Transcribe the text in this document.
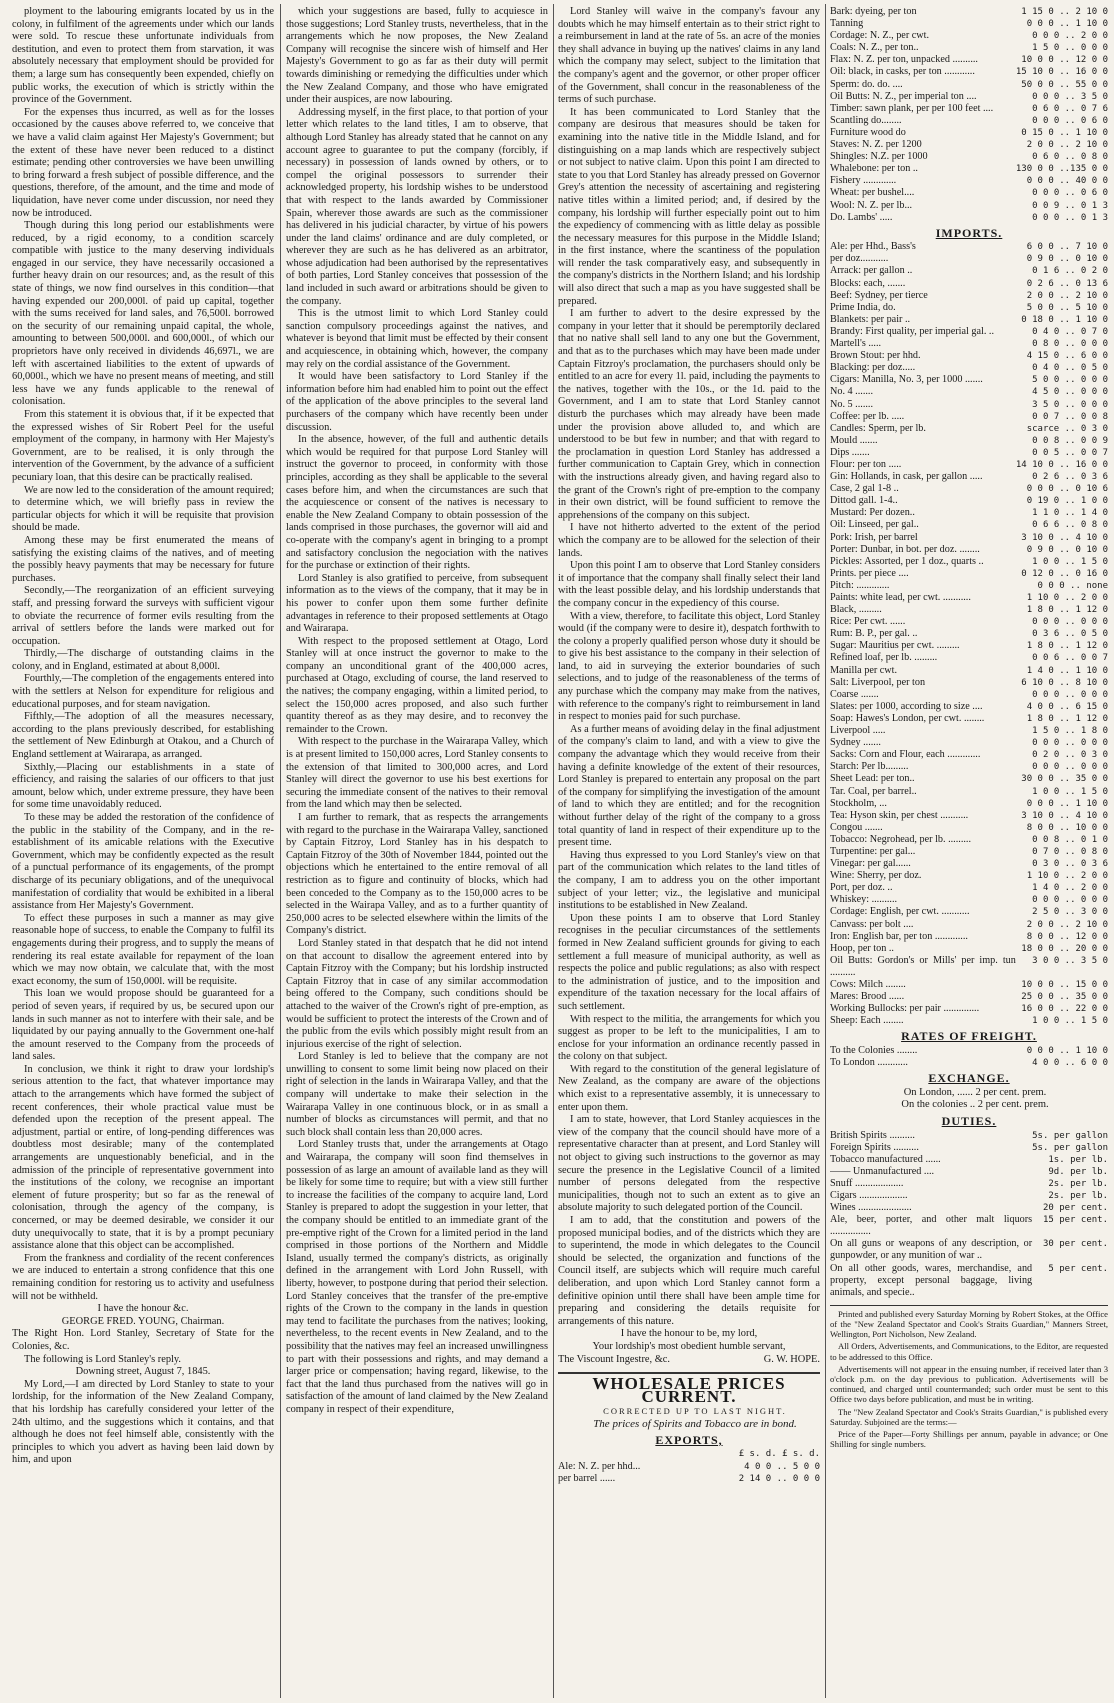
ployment to the labouring emigrants located by us in the colony, in fulfilment of the agreements under which our lands were sold. To rescue these unfortunate individuals from destitution, and even to protect them from starvation, it was absolutely necessary that employment should be provided for them; a large sum has consequently been expended, chiefly on public works, the execution of which is strictly within the province of the Government.

For the expenses thus incurred, as well as for the losses occasioned by the causes above referred to, we conceive that we have a valid claim against Her Majesty's Government; but the extent of these have never been reduced to a distinct estimate; pending other controversies we have been unwilling to bring forward a fresh subject of possible difference, and the questions, therefore, of the amount, and the time and mode of liquidation, have never come under discussion, nor need they now be introduced.

Though during this long period our establishments were reduced, by a rigid economy, to a condition scarcely compatible with justice to the many deserving individuals engaged in our service, they have necessarily occasioned a further heavy drain on our resources; and, as the result of this state of things, we now find ourselves in this condition—that having expended our 200,000l. of paid up capital, together with the sums received for land sales, and 76,500l. borrowed on the security of our remaining unpaid capital, the whole, amounting to between 500,000l. and 600,000l., of which our proprietors have only received in dividends 46,697l., we are left with ascertained liabilities to the extent of upwards of 60,000l., which we have no present means of meeting, and still less have we any funds applicable to the renewal of colonisation.

From this statement it is obvious that, if it be expected that the expressed wishes of Sir Robert Peel for the useful employment of the company, in harmony with Her Majesty's Government, are to be realised, it is only through the intervention of the Government, by the advance of a sufficient pecuniary loan, that this desire can be practically realised.

We are now led to the consideration of the amount required; to determine which, we will briefly pass in review the particular objects for which it will be requisite that provision should be made.

Among these may be first enumerated the means of satisfying the existing claims of the natives, and of meeting the possibly heavy payments that may be necessary for future purchases.

Secondly,—The reorganization of an efficient surveying staff, and pressing forward the surveys with sufficient vigour to obviate the recurrence of former evils resulting from the arrival of settlers before the lands were marked out for occupation.

Thirdly,—The discharge of outstanding claims in the colony, and in England, estimated at about 8,000l.

Fourthly,—The completion of the engagements entered into with the settlers at Nelson for expenditure for religious and educational purposes, and for steam navigation.

Fifthly,—The adoption of all the measures necessary, according to the plans previously described, for establishing the settlement of New Edinburgh at Otakou, and a Church of England settlement at Wairarapa, as arranged.

Sixthly,—Placing our establishments in a state of efficiency, and raising the salaries of our officers to that just amount, below which, under extreme pressure, they have been for some time unavoidably reduced.

To these may be added the restoration of the confidence of the public in the stability of the Company, and in the re-establishment of its amicable relations with the Executive Government, which may be confidently expected as the result of a punctual performance of its engagements, of the prompt discharge of its pecuniary obligations, and of the unequivocal manifestation of cordiality that would be exhibited in a liberal assistance from Her Majesty's Government.

To effect these purposes in such a manner as may give reasonable hope of success, to enable the Company to fulfil its engagements during their progress, and to supply the means of rendering its real estate available for repayment of the loan which we may now obtain, we calculate that, with the most exact economy, the sum of 150,000l. will be requisite.

This loan we would propose should be guaranteed for a period of seven years, if required by us, be secured upon our lands in such manner as not to interfere with their sale, and be liquidated by our paying annually to the Government one-half the amount reserved to the Company from the proceeds of land sales.

In conclusion, we think it right to draw your lordship's serious attention to the fact, that whatever importance may attach to the arrangements which have formed the subject of recent conferences, their whole practical value must be defended upon the reception of the present appeal. The adjustment, partial or entire, of long-pending differences was doubtless most desirable; many of the contemplated arrangements are unquestionably beneficial, and in the admission of the principle of representative government into the institutions of the colony, we recognise an important element of future prosperity; but so far as the renewal of colonisation, through the agency of the company, is concerned, or may be deemed desirable, we consider it our duty unequivocally to state, that it is by a prompt pecuniary assistance alone that this object can be accomplished.

From the frankness and cordiality of the recent conferences we are induced to entertain a strong confidence that this one remaining condition for restoring us to activity and usefulness will not be withheld.

I have the honour &c.

GEORGE FRED. YOUNG, Chairman.

The Right Hon. Lord Stanley, Secretary of State for the Colonies, &c.

The following is Lord Stanley's reply.

Downing street, August 7, 1845.

My Lord,—I am directed by Lord Stanley to state to your lordship, for the information of the New Zealand Company, that his lordship has carefully considered your letter of the 24th ultimo, and the suggestions which it contains, and that although he does not feel himself able, consistently with the principles to which you advert as having been laid down by him, and upon

which your suggestions are based, fully to acquiesce in those suggestions; Lord Stanley trusts, nevertheless, that in the arrangements which he now proposes, the New Zealand Company will recognise the sincere wish of himself and Her Majesty's Government to go as far as their duty will permit towards diminishing or remedying the difficulties under which the New Zealand Company, and those who have emigrated under their auspices, are now labouring.

Addressing myself, in the first place, to that portion of your letter which relates to the land titles, I am to observe, that although Lord Stanley has already stated that he cannot on any account agree to guarantee to put the company (forcibly, if necessary) in possession of lands owned by others, or to compel the original possessors to surrender their acknowledged property, his lordship wishes to be understood that with respect to the lands awarded by Commissioner Spain, wherever those awards are such as the commissioner has delivered in his judicial character, by virtue of his powers under the land claims' ordinance and are duly completed, or wherever they are such as he has delivered as an arbitrator, whose adjudication had been authorised by the representatives of both parties, Lord Stanley conceives that possession of the land included in such award or arbitrations should be given to the company.

This is the utmost limit to which Lord Stanley could sanction compulsory proceedings against the natives, and whatever is beyond that limit must be effected by their consent and acquiescence, in obtaining which, however, the company may rely on the cordial assistance of the Government.

It would have been satisfactory to Lord Stanley if the information before him had enabled him to point out the effect of the application of the above principles to the several land purchasers of the company which have recently been under discussion.

In the absence, however, of the full and authentic details which would be required for that purpose Lord Stanley will instruct the governor to proceed, in conformity with those principles, according as they shall be applicable to the several cases before him, and when the circumstances are such that the acquiescence or consent of the natives is necessary to enable the New Zealand Company to obtain possession of the lands comprised in those purchases, the governor will aid and co-operate with the company's agent in bringing to a prompt and satisfactory conclusion the negociation with the natives for the purchase or extinction of their rights.

Lord Stanley is also gratified to perceive, from subsequent information as to the views of the company, that it may be in his power to confer upon them some further definite advantages in reference to their proposed settlements at Otago and Wairarapa.

With respect to the proposed settlement at Otago, Lord Stanley will at once instruct the governor to make to the company an unconditional grant of the 400,000 acres, purchased at Otago, excluding of course, the land reserved to the natives; the company engaging, within a limited period, to select the 150,000 acres proposed, and also such further quantity thereof as as they may desire, and to reconvey the remainder to the Crown.

With respect to the purchase in the Wairarapa Valley, which is at present limited to 150,000 acres, Lord Stanley consents to the extension of that limited to 300,000 acres, and Lord Stanley will direct the governor to use his best exertions for securing the immediate consent of the natives to their removal from the land which may then be selected.

I am further to remark, that as respects the arrangements with regard to the purchase in the Wairarapa Valley, sanctioned by Captain Fitzroy, Lord Stanley has in his despatch to Captain Fitzroy of the 30th of November 1844, pointed out the objections which he entertained to the entire removal of all restriction as to figure and continuity of blocks, which had been conceded to the Company as to the 150,000 acres to be selected in the Wairapa Valley, and as to a further quantity of 250,000 acres to be selected elsewhere within the limits of the Company's district.

Lord Stanley stated in that despatch that he did not intend on that account to disallow the agreement entered into by Captain Fitzroy with the Company; but his lordship instructed Captain Fitzroy that in case of any similar accommodation being offered to the Company, such conditions should be attached to the waiver of the Crown's right of pre-emption, as would be sufficient to protect the interests of the Crown and of the public from the evils which possibly might result from an injurious exercise of the right of selection.

Lord Stanley is led to believe that the company are not unwilling to consent to some limit being now placed on their right of selection in the lands in Wairarapa Valley, and that the company will undertake to make their selection in the Wairarapa Valley in one continuous block, or in as small a number of blocks as circumstances will permit, and that no such block shall contain less than 20,000 acres.

Lord Stanley trusts that, under the arrangements at Otago and Wairarapa, the company will soon find themselves in possession of as large an amount of available land as they will be likely for some time to require; but with a view still further to increase the facilities of the company to acquire land, Lord Stanley is prepared to adopt the suggestion in your letter, that the company should be entitled to an immediate grant of the pre-emptive right of the Crown for a limited period in the land comprised in those portions of the Northern and Middle Island, usually termed the company's districts, as originally defined in the arrangement with Lord John Russell, with liberty, however, to postpone during that period their selection. Lord Stanley conceives that the transfer of the pre-emptive rights of the Crown to the company in the lands in question may tend to facilitate the purchases from the natives; looking, nevertheless, to the recent events in New Zealand, and to the possibility that the natives may feel an increased unwillingness to part with their possessions and rights, and may demand a larger price or compensation; having regard, likewise, to the fact that the land thus purchased from the natives will go in satisfaction of the amount of land claimed by the New Zealand company in respect of their expenditure,

Lord Stanley will waive in the company's favour any doubts which he may himself entertain as to their strict right to a reimbursement in land at the rate of 5s. an acre of the monies they shall advance in buying up the natives' claims in any land which the company may select, subject to the limitation that the company's agent and the governor, or other proper officer of the Government, shall concur in the reasonableness of the terms of such purchase.

It has been communicated to Lord Stanley that the company are desirous that measures should be taken for examining into the native title in the Middle Island, and for distinguishing on a map lands which are respectively subject or not subject to native claim. Upon this point I am directed to state to you that Lord Stanley has already pressed on Governor Grey's attention the necessity of ascertaining and registering native titles within a limited period; and, if desired by the company, his lordship will further especially point out to him the expediency of commencing with as little delay as possible the necessary measures for this purpose in the Middle Island; in the first instance, where the scantiness of the population will render the task comparatively easy, and subsequently in the company's districts in the Northern Island; and his lordship will also direct that such a map as you have suggested shall be prepared.

I am further to advert to the desire expressed by the company in your letter that it should be peremptorily declared that no native shall sell land to any one but the Government, and that as to the purchases which may have been made under Captain Fitzroy's proclamation, the purchasers should only be entitled to an acre for every 1l. paid, including the payments to the natives, together with the 10s., or the 1d. paid to the Government, and I am to state that Lord Stanley cannot disturb the purchases which may already have been made under the provision above alluded to, and which are understood to be but few in number; and that with regard to the proclamation in question Lord Stanley has addressed a further communication to Captain Grey, which in connection with the instructions already given, and having regard also to the grant of the Crown's right of pre-emption to the company in their own district, will be found sufficient to remove the apprehensions of the company on this subject.

I have not hitherto adverted to the extent of the period which the company are to be allowed for the selection of their lands.

Upon this point I am to observe that Lord Stanley considers it of importance that the company shall finally select their land with the least possible delay, and his lordship understands that the company concur in the expediency of this course.

With a view, therefore, to facilitate this object, Lord Stanley would (if the company were to desire it), despatch forthwith to the colony a properly qualified person whose duty it should be to give his best assistance to the company in their selection of land, to aid in surveying the exterior boundaries of such selections, and to judge of the reasonableness of the terms of any purchase which the company may make from the natives, with reference to the company's right to reimbursement in land in respect to monies paid for such purchase.

As a further means of avoiding delay in the final adjustment of the company's claim to land, and with a view to give the company the advantage which they would receive from their having a definite knowledge of the extent of their resources, Lord Stanley is prepared to entertain any proposal on the part of the company for simplifying the investigation of the amount of land to which they are entitled; and for the recognition without further delay of the right of the company to a gross total quantity of land in respect of their expenditure up to the present time.

Having thus expressed to you Lord Stanley's view on that part of the communication which relates to the land titles of the company, I am to address you on the other important subject of your letter; viz., the legislative and municipal institutions to be established in New Zealand.

Upon these points I am to observe that Lord Stanley recognises in the peculiar circumstances of the settlements formed in New Zealand sufficient grounds for giving to each settlement a full measure of municipal authority, as well as respects the police and public regulations; as also with respect to the administration of justice, and to the imposition and expenditure of the taxation necessary for the local affairs of such settlement.

With respect to the militia, the arrangements for which you suggest as proper to be left to the municipalities, I am to enclose for your information an ordinance recently passed in the colony on that subject.

With regard to the constitution of the general legislature of New Zealand, as the company are aware of the objections which exist to a representative assembly, it is unnecessary to enter upon them.

I am to state, however, that Lord Stanley acquiesces in the view of the company that the council should have more of a representative character than at present, and Lord Stanley will not object to giving such instructions to the governor as may secure the presence in the Legislative Council of a limited number of persons delegated from the respective municipalities, though not to such an extent as to give an absolute majority to such delegated portion of the Council.

I am to add, that the constitution and powers of the proposed municipal bodies, and of the districts which they are to superintend, the mode in which delegates to the Council should be selected, the organization and functions of the Council itself, are subjects which will require much careful deliberation, and upon which Lord Stanley cannot form a definitive opinion until there shall have been ample time for preparing and considering the details requisite for arrangements of this nature.

I have the honour to be, my lord,

Your lordship's most obedient humble servant,

The Viscount Ingestre, &c.	G. W. HOPE.
WHOLESALE PRICES CURRENT.

CORRECTED UP TO LAST NIGHT.

The prices of Spirits and Tobacco are in bond.

EXPORTS,
£ s. d. £ s. d.
Ale: N. Z. per hhd...	4 0 0 .. 5 0 0
per barrel ......	2 14 0 .. 0 0 0
Bark: dyeing, per ton	1 15 0 .. 2 10 0
Tanning	0 0 0 .. 1 10 0
Cordage: N. Z., per cwt.	0 0 0 .. 2 0 0
Coals: N. Z., per ton..	1 5 0 .. 0 0 0
Flax: N. Z. per ton, unpacked ..........	10 0 0 .. 12 0 0
Oil: black, in casks, per ton ............	15 10 0 .. 16 0 0
Sperm: do. do. ....	50 0 0 .. 55 0 0
Oil Butts: N. Z., per imperial ton ....	0 0 0 .. 3 5 0
Timber: sawn plank, per per 100 feet ....	0 6 0 .. 0 7 6
Scantling do........	0 0 0 .. 0 6 0
Furniture wood do	0 15 0 .. 1 10 0
Staves: N. Z. per 1200	2 0 0 .. 2 10 0
Shingles: N.Z. per 1000	0 6 0 .. 0 8 0
Whalebone: per ton ..	130 0 0 ..135 0 0
Fishery .............	0 0 0 .. 40 0 0
Wheat: per bushel....	0 0 0 .. 0 6 0
Wool: N. Z. per lb...	0 0 9 .. 0 1 3
Do. Lambs' .....	0 0 0 .. 0 1 3
IMPORTS.
Ale: per Hhd., Bass's	6 0 0 .. 7 10 0
per doz...........	0 9 0 .. 0 10 0
Arrack: per gallon ..	0 1 6 .. 0 2 0
Blocks: each, .......	0 2 6 .. 0 13 6
Beef: Sydney, per tierce	2 0 0 .. 2 10 0
Prime India, do.	5 0 0 .. 5 10 0
Blankets: per pair ..	0 18 0 .. 1 10 0
Brandy: First quality, per imperial gal. ..	0 4 0 .. 0 7 0
Martell's .....	0 8 0 .. 0 0 0
Brown Stout: per hhd.	4 15 0 .. 6 0 0
Blacking: per doz.....	0 4 0 .. 0 5 0
Cigars: Manilla, No. 3, per 1000 .......	5 0 0 .. 0 0 0
No. 4 .......	4 5 0 .. 0 0 0
No. 5 .......	3 5 0 .. 0 0 0
Coffee: per lb. .....	0 0 7 .. 0 0 8
Candles: Sperm, per lb.	scarce .. 0 3 0
Mould .......	0 0 8 .. 0 0 9
Dips .......	0 0 5 .. 0 0 7
Flour: per ton .....	14 10 0 .. 16 0 0
Gin: Hollands, in cask, per gallon .....	0 2 6 .. 0 3 6
Case, 2 gal 1-8 ..	0 0 0 .. 0 10 6
Dittod gall. 1-4..	0 19 0 .. 1 0 0
Mustard: Per dozen..	1 1 0 .. 1 4 0
Oil: Linseed, per gal..	0 6 6 .. 0 8 0
Pork: Irish, per barrel	3 10 0 .. 4 10 0
Porter: Dunbar, in bot. per doz. ........	0 9 0 .. 0 10 0
Pickles: Assorted, per 1 doz., quarts ..	1 0 0 .. 1 5 0
Prints. per piece ....	0 12 0 .. 0 16 0
Pitch: .............	0 0 0 .. none
Paints: white lead, per cwt. ...........	1 10 0 .. 2 0 0
Black, .........	1 8 0 .. 1 12 0
Rice: Per cwt. ......	0 0 0 .. 0 0 0
Rum: B. P., per gal. ..	0 3 6 .. 0 5 0
Sugar: Mauritius per cwt. .........	1 8 0 .. 1 12 0
Refined loaf, per lb. .........	0 0 6 .. 0 0 7
Manilla per cwt.	1 4 0 .. 1 10 0
Salt: Liverpool, per ton	6 10 0 .. 8 10 0
Coarse .......	0 0 0 .. 0 0 0
Slates: per 1000, according to size ....	4 0 0 .. 6 15 0
Soap: Hawes's London, per cwt. ........	1 8 0 .. 1 12 0
Liverpool .....	1 5 0 .. 1 8 0
Sydney .......	0 0 0 .. 0 0 0
Sacks: Corn and Flour, each .............	0 2 0 .. 0 3 0
Starch: Per lb.........	0 0 0 .. 0 0 0
Sheet Lead: per ton..	30 0 0 .. 35 0 0
Tar. Coal, per barrel..	1 0 0 .. 1 5 0
Stockholm, ...	0 0 0 .. 1 10 0
Tea: Hyson skin, per chest ...........	3 10 0 .. 4 10 0
Congou .......	8 0 0 .. 10 0 0
Tobacco: Negrohead, per lb. .........	0 0 8 .. 0 1 0
Turpentine: per gal...	0 7 0 .. 0 8 0
Vinegar: per gal......	0 3 0 .. 0 3 6
Wine: Sherry, per doz.	1 10 0 .. 2 0 0
Port, per doz. ..	1 4 0 .. 2 0 0
Whiskey: ..........	0 0 0 .. 0 0 0
Cordage: English, per cwt. ...........	2 5 0 .. 3 0 0
Canvass: per bolt ....	2 0 0 .. 2 10 0
Iron: English bar, per ton .............	8 0 0 .. 12 0 0
Hoop, per ton ..	18 0 0 .. 20 0 0
Oil Butts: Gordon's or Mills' per imp. tun ..........	3 0 0 .. 3 5 0
Cows: Milch ........	10 0 0 .. 15 0 0
Mares: Brood ......	25 0 0 .. 35 0 0
Working Bullocks: per pair ..............	16 0 0 .. 22 0 0
Sheep: Each ........	1 0 0 .. 1 5 0
RATES OF FREIGHT.
To the Colonies ........	0 0 0 .. 1 10 0
To London ............	4 0 0 .. 6 0 0
EXCHANGE.

On London, ...... 2 per cent. prem.

On the colonies .. 2 per cent. prem.

DUTIES.
British Spirits ..........	5s. per gallon
Foreign Spirits ..........	5s. per gallon
Tobacco manufactured ......	1s. per lb.
—— Unmanufactured ....	9d. per lb.
Snuff ...................	2s. per lb.
Cigars ...................	2s. per lb.
Wines .....................	20 per cent.
Ale, beer, porter, and other malt liquors ................	15 per cent.
On all guns or weapons of any description, or gunpowder, or any munition of war ..	30 per cent.
On all other goods, wares, merchandise, and property, except personal baggage, living animals, and specie..	5 per cent.

Printed and published every Saturday Morning by Robert Stokes, at the Office of the "New Zealand Spectator and Cook's Straits Guardian," Manners Street, Wellington, Port Nicholson, New Zealand.

All Orders, Advertisements, and Communications, to the Editor, are requested to be addressed to this Office.

Advertisements will not appear in the ensuing number, if received later than 3 o'clock p.m. on the day previous to publication. Advertisements will be continued, and charged until countermanded; such order must be sent to this Office two days before publication, and must be in writing.

The "New Zealand Spectator and Cook's Straits Guardian," is published every Saturday. Subjoined are the terms:—

Price of the Paper—Forty Shillings per annum, payable in advance; or One Shilling for single numbers.
